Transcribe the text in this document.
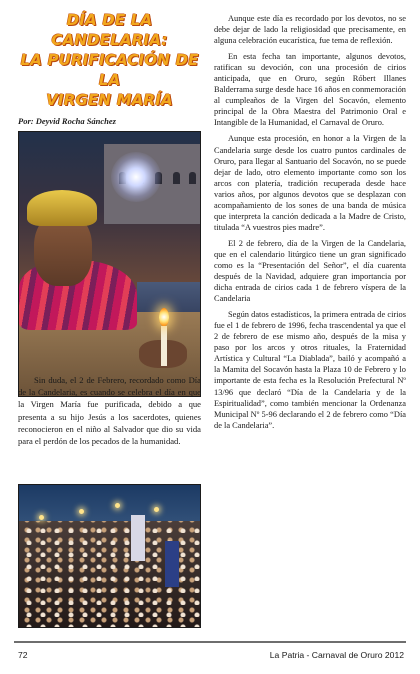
DÍA DE LA CANDELARIA:
LA PURIFICACIÓN DE LA
VIRGEN MARÍA

Por: Deyvid Rocha Sánchez

Sin duda, el 2 de Febrero, recordado como Día de la Candelaria, es cuando se celebra el día en que la Virgen María fue purificada, debido a que presenta a su hijo Jesús a los sacerdotes, quienes reconocieron en el niño al Salvador que dio su vida para el perdón de los pecados de la humanidad.

Aunque este día es recordado por los devotos, no se debe dejar de lado la religiosidad que precisamente, en alguna celebración eucarística, fue tema de reflexión.

En esta fecha tan importante, algunos devotos, ratifican su devoción, con una procesión de cirios anticipada, que en Oruro, según Róbert Illanes Balderrama surge desde hace 16 años en conmemoración al cumpleaños de la Virgen del Socavón, elemento principal de la Obra Maestra del Patrimonio Oral e Intangible de la Humanidad, el Carnaval de Oruro.

Aunque esta procesión, en honor a la Virgen de la Candelaria surge desde los cuatro puntos cardinales de Oruro, para llegar al Santuario del Socavón, no se puede dejar de lado, otro elemento importante como son los arcos con platería, tradición recuperada desde hace varios años, por algunos devotos que se desplazan con acompañamiento de los sones de una banda de música que interpreta la canción dedicada a la Madre de Cristo, titulada “A vuestros pies madre”.

El 2 de febrero, día de la Virgen de la Candelaria, que en el calendario litúrgico tiene un gran significado como es la “Presentación del Señor”, el día cuarenta después de la Navidad, adquiere gran importancia por dicha entrada de cirios cada 1 de febrero víspera de la Candelaria

Según datos estadísticos, la primera entrada de cirios fue el 1 de febrero de 1996, fecha trascendental ya que el 2 de febrero de ese mismo año, después de la misa y paso por los arcos y otros rituales, la Fraternidad Artística y Cultural “La Diablada”, bailó y acompañó a la Mamita del Socavón hasta la Plaza 10 de Febrero y lo importante de esta fecha es la Resolución Prefectural Nº 13/96 que declaró “Día de la Candelaria y de la Espiritualidad”, como también mencionar la Ordenanza Municipal Nº 5-96 declarando el 2 de febrero como “Día de la Candelaria”.

72	La Patria - Carnaval de Oruro 2012
